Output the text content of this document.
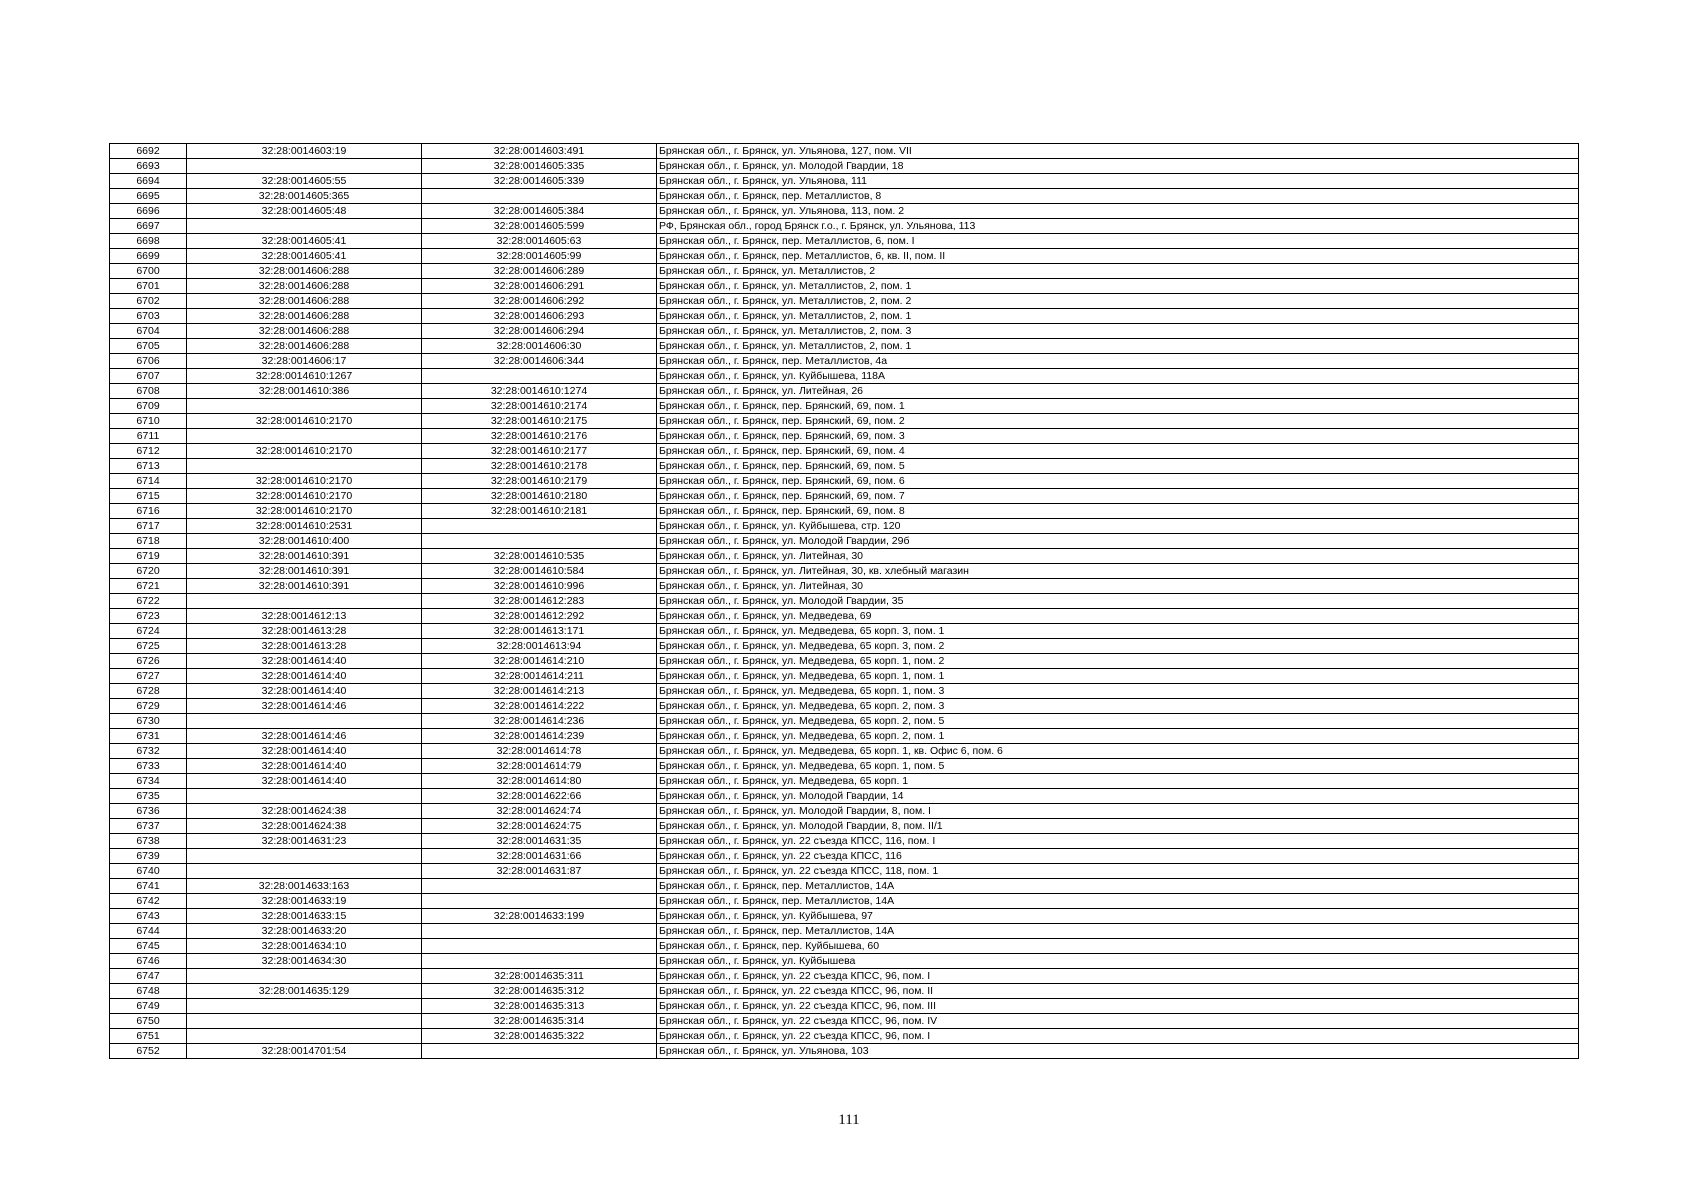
6692	32:28:0014603:19	32:28:0014603:491	Брянская обл., г. Брянск, ул. Ульянова, 127, пом. VII
6693		32:28:0014605:335	Брянская обл., г. Брянск, ул. Молодой Гвардии, 18
6694	32:28:0014605:55	32:28:0014605:339	Брянская обл., г. Брянск, ул. Ульянова, 111
6695	32:28:0014605:365		Брянская обл., г. Брянск, пер. Металлистов, 8
6696	32:28:0014605:48	32:28:0014605:384	Брянская обл., г. Брянск, ул. Ульянова, 113, пом. 2
6697		32:28:0014605:599	РФ, Брянская обл., город Брянск г.о., г. Брянск, ул. Ульянова, 113
6698	32:28:0014605:41	32:28:0014605:63	Брянская обл., г. Брянск, пер. Металлистов, 6, пом. I
6699	32:28:0014605:41	32:28:0014605:99	Брянская обл., г. Брянск, пер. Металлистов, 6, кв. II, пом. II
6700	32:28:0014606:288	32:28:0014606:289	Брянская обл., г. Брянск, ул. Металлистов, 2
6701	32:28:0014606:288	32:28:0014606:291	Брянская обл., г. Брянск, ул. Металлистов, 2, пом. 1
6702	32:28:0014606:288	32:28:0014606:292	Брянская обл., г. Брянск, ул. Металлистов, 2, пом. 2
6703	32:28:0014606:288	32:28:0014606:293	Брянская обл., г. Брянск, ул. Металлистов, 2, пом. 1
6704	32:28:0014606:288	32:28:0014606:294	Брянская обл., г. Брянск, ул. Металлистов, 2, пом. 3
6705	32:28:0014606:288	32:28:0014606:30	Брянская обл., г. Брянск, ул. Металлистов, 2, пом. 1
6706	32:28:0014606:17	32:28:0014606:344	Брянская обл., г. Брянск, пер. Металлистов, 4а
6707	32:28:0014610:1267		Брянская обл., г. Брянск, ул. Куйбышева, 118А
6708	32:28:0014610:386	32:28:0014610:1274	Брянская обл., г. Брянск, ул. Литейная, 26
6709		32:28:0014610:2174	Брянская обл., г. Брянск, пер. Брянский, 69, пом. 1
6710	32:28:0014610:2170	32:28:0014610:2175	Брянская обл., г. Брянск, пер. Брянский, 69, пом. 2
6711		32:28:0014610:2176	Брянская обл., г. Брянск, пер. Брянский, 69, пом. 3
6712	32:28:0014610:2170	32:28:0014610:2177	Брянская обл., г. Брянск, пер. Брянский, 69, пом. 4
6713		32:28:0014610:2178	Брянская обл., г. Брянск, пер. Брянский, 69, пом. 5
6714	32:28:0014610:2170	32:28:0014610:2179	Брянская обл., г. Брянск, пер. Брянский, 69, пом. 6
6715	32:28:0014610:2170	32:28:0014610:2180	Брянская обл., г. Брянск, пер. Брянский, 69, пом. 7
6716	32:28:0014610:2170	32:28:0014610:2181	Брянская обл., г. Брянск, пер. Брянский, 69, пом. 8
6717	32:28:0014610:2531		Брянская обл., г. Брянск, ул. Куйбышева, стр. 120
6718	32:28:0014610:400		Брянская обл., г. Брянск, ул. Молодой Гвардии, 29б
6719	32:28:0014610:391	32:28:0014610:535	Брянская обл., г. Брянск, ул. Литейная, 30
6720	32:28:0014610:391	32:28:0014610:584	Брянская обл., г. Брянск, ул. Литейная, 30, кв. хлебный магазин
6721	32:28:0014610:391	32:28:0014610:996	Брянская обл., г. Брянск, ул. Литейная, 30
6722		32:28:0014612:283	Брянская обл., г. Брянск, ул. Молодой Гвардии, 35
6723	32:28:0014612:13	32:28:0014612:292	Брянская обл., г. Брянск, ул. Медведева, 69
6724	32:28:0014613:28	32:28:0014613:171	Брянская обл., г. Брянск, ул. Медведева, 65 корп. 3, пом. 1
6725	32:28:0014613:28	32:28:0014613:94	Брянская обл., г. Брянск, ул. Медведева, 65 корп. 3, пом. 2
6726	32:28:0014614:40	32:28:0014614:210	Брянская обл., г. Брянск, ул. Медведева, 65 корп. 1, пом. 2
6727	32:28:0014614:40	32:28:0014614:211	Брянская обл., г. Брянск, ул. Медведева, 65 корп. 1, пом. 1
6728	32:28:0014614:40	32:28:0014614:213	Брянская обл., г. Брянск, ул. Медведева, 65 корп. 1, пом. 3
6729	32:28:0014614:46	32:28:0014614:222	Брянская обл., г. Брянск, ул. Медведева, 65 корп. 2, пом. 3
6730		32:28:0014614:236	Брянская обл., г. Брянск, ул. Медведева, 65 корп. 2, пом. 5
6731	32:28:0014614:46	32:28:0014614:239	Брянская обл., г. Брянск, ул. Медведева, 65 корп. 2, пом. 1
6732	32:28:0014614:40	32:28:0014614:78	Брянская обл., г. Брянск, ул. Медведева, 65 корп. 1, кв. Офис 6, пом. 6
6733	32:28:0014614:40	32:28:0014614:79	Брянская обл., г. Брянск, ул. Медведева, 65 корп. 1, пом. 5
6734	32:28:0014614:40	32:28:0014614:80	Брянская обл., г. Брянск, ул. Медведева, 65 корп. 1
6735		32:28:0014622:66	Брянская обл., г. Брянск, ул. Молодой Гвардии, 14
6736	32:28:0014624:38	32:28:0014624:74	Брянская обл., г. Брянск, ул. Молодой Гвардии, 8, пом. I
6737	32:28:0014624:38	32:28:0014624:75	Брянская обл., г. Брянск, ул. Молодой Гвардии, 8, пом. II/1
6738	32:28:0014631:23	32:28:0014631:35	Брянская обл., г. Брянск, ул. 22 съезда КПСС, 116, пом. I
6739		32:28:0014631:66	Брянская обл., г. Брянск, ул. 22 съезда КПСС, 116
6740		32:28:0014631:87	Брянская обл., г. Брянск, ул. 22 съезда КПСС, 118, пом. 1
6741	32:28:0014633:163		Брянская обл., г. Брянск, пер. Металлистов, 14А
6742	32:28:0014633:19		Брянская обл., г. Брянск, пер. Металлистов, 14А
6743	32:28:0014633:15	32:28:0014633:199	Брянская обл., г. Брянск, ул. Куйбышева, 97
6744	32:28:0014633:20		Брянская обл., г. Брянск, пер. Металлистов, 14А
6745	32:28:0014634:10		Брянская обл., г. Брянск, пер. Куйбышева, 60
6746	32:28:0014634:30		Брянская обл., г. Брянск, ул. Куйбышева
6747		32:28:0014635:311	Брянская обл., г. Брянск, ул. 22 съезда КПСС, 96, пом. I
6748	32:28:0014635:129	32:28:0014635:312	Брянская обл., г. Брянск, ул. 22 съезда КПСС, 96, пом. II
6749		32:28:0014635:313	Брянская обл., г. Брянск, ул. 22 съезда КПСС, 96, пом. III
6750		32:28:0014635:314	Брянская обл., г. Брянск, ул. 22 съезда КПСС, 96, пом. IV
6751		32:28:0014635:322	Брянская обл., г. Брянск, ул. 22 съезда КПСС, 96, пом. I
6752	32:28:0014701:54		Брянская обл., г. Брянск, ул. Ульянова, 103
111
